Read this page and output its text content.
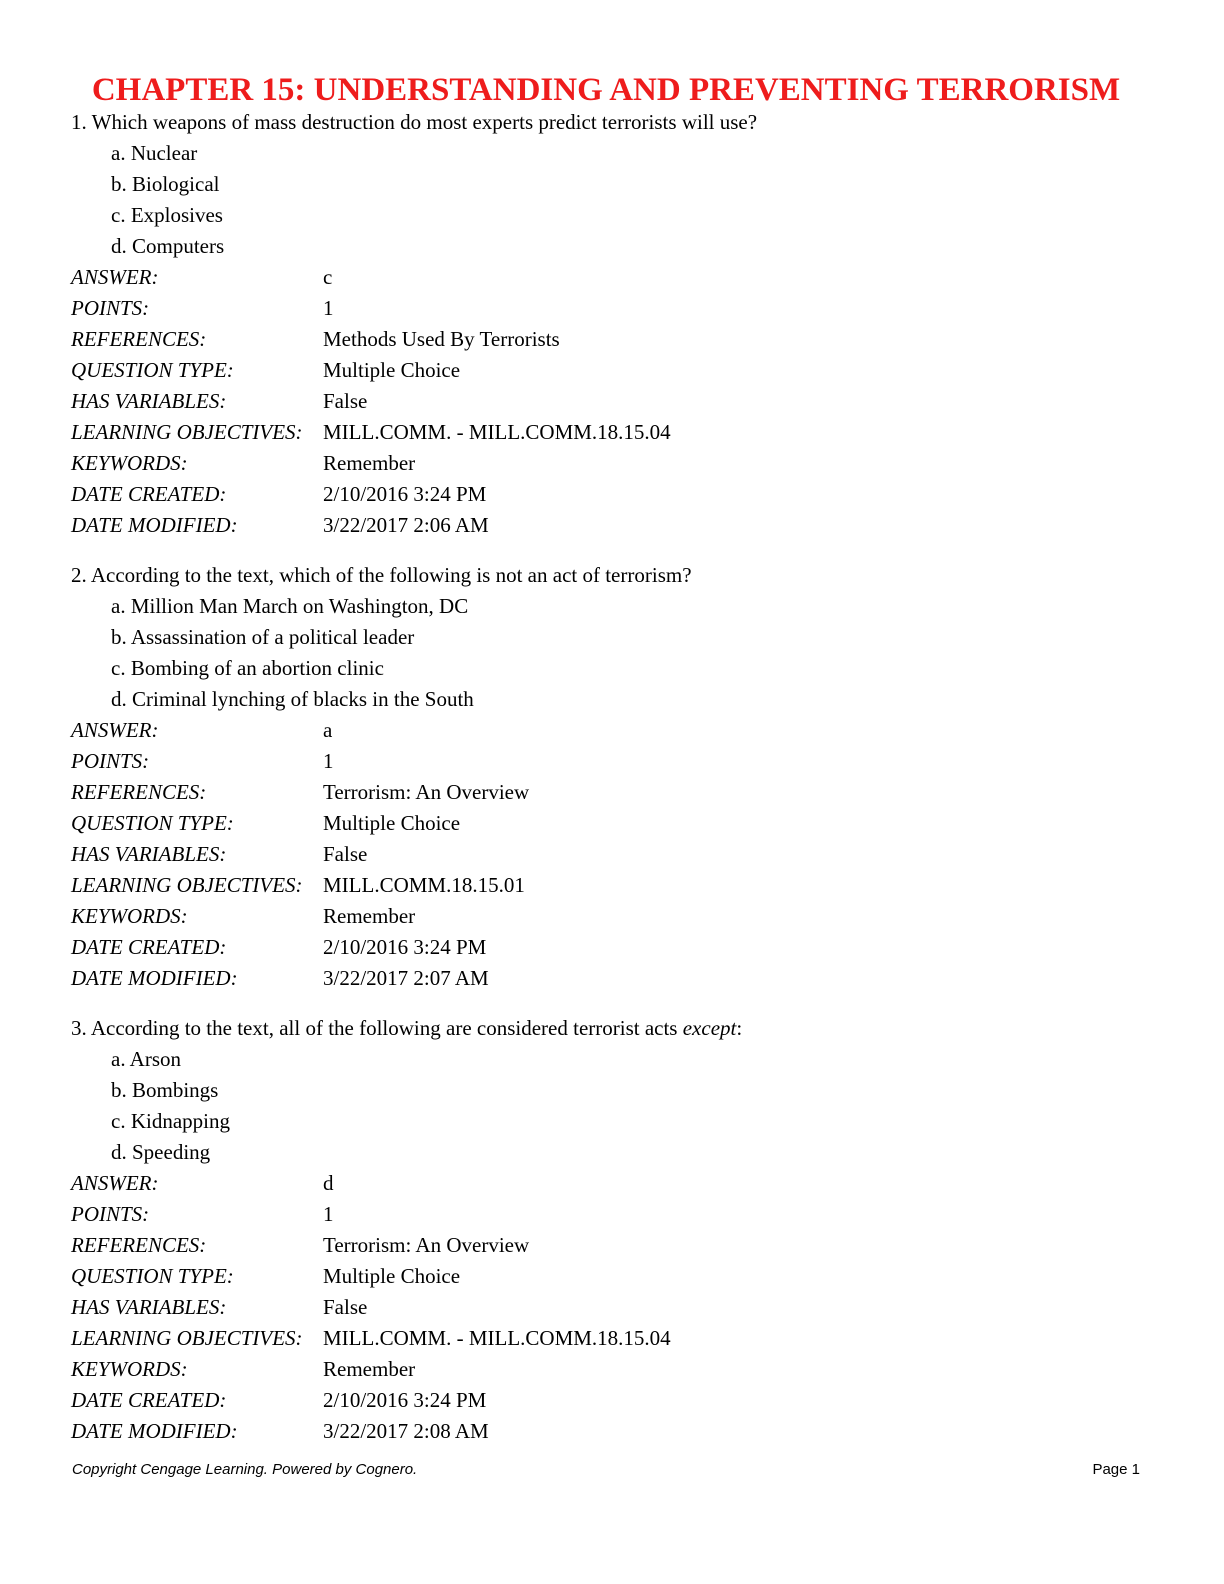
CHAPTER 15: UNDERSTANDING AND PREVENTING TERRORISM
1. Which weapons of mass destruction do most experts predict terrorists will use?
a. Nuclear
b. Biological
c. Explosives
d. Computers
ANSWER:	c
POINTS:	1
REFERENCES:	Methods Used By Terrorists
QUESTION TYPE:	Multiple Choice
HAS VARIABLES:	False
LEARNING OBJECTIVES: MILL.COMM. - MILL.COMM.18.15.04
KEYWORDS:	Remember
DATE CREATED:	2/10/2016 3:24 PM
DATE MODIFIED:	3/22/2017 2:06 AM
2. According to the text, which of the following is not an act of terrorism?
a. Million Man March on Washington, DC
b. Assassination of a political leader
c. Bombing of an abortion clinic
d. Criminal lynching of blacks in the South
ANSWER:	a
POINTS:	1
REFERENCES:	Terrorism: An Overview
QUESTION TYPE:	Multiple Choice
HAS VARIABLES:	False
LEARNING OBJECTIVES: MILL.COMM.18.15.01
KEYWORDS:	Remember
DATE CREATED:	2/10/2016 3:24 PM
DATE MODIFIED:	3/22/2017 2:07 AM
3. According to the text, all of the following are considered terrorist acts except:
a. Arson
b. Bombings
c. Kidnapping
d. Speeding
ANSWER:	d
POINTS:	1
REFERENCES:	Terrorism: An Overview
QUESTION TYPE:	Multiple Choice
HAS VARIABLES:	False
LEARNING OBJECTIVES: MILL.COMM. - MILL.COMM.18.15.04
KEYWORDS:	Remember
DATE CREATED:	2/10/2016 3:24 PM
DATE MODIFIED:	3/22/2017 2:08 AM
Copyright Cengage Learning. Powered by Cognero.	Page 1
